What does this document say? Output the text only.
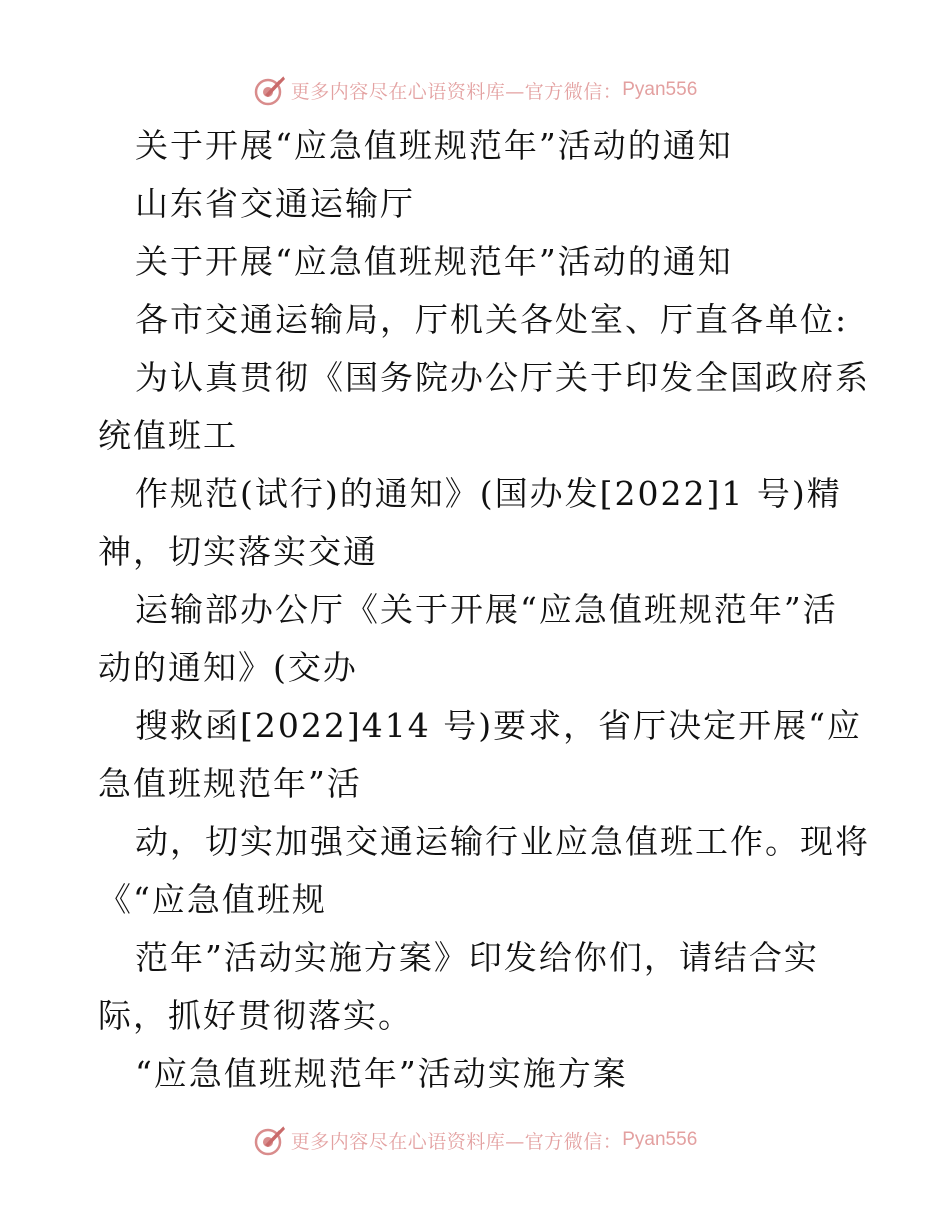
更多内容尽在心语资料库—官方微信： Pyan556
关于开展“应急值班规范年”活动的通知
山东省交通运输厅
关于开展“应急值班规范年”活动的通知
各市交通运输局，厅机关各处室、厅直各单位:
为认真贯彻《国务院办公厅关于印发全国政府系
统值班工
作规范(试行)的通知》(国办发[2022]1 号)精
神，切实落实交通
运输部办公厅《关于开展“应急值班规范年”活
动的通知》(交办
搜救函[2022]414 号)要求，省厅决定开展“应
急值班规范年”活
动，切实加强交通运输行业应急值班工作。现将
《“应急值班规
范年”活动实施方案》印发给你们，请结合实
际，抓好贯彻落实。
“应急值班规范年”活动实施方案
更多内容尽在心语资料库—官方微信： Pyan556
